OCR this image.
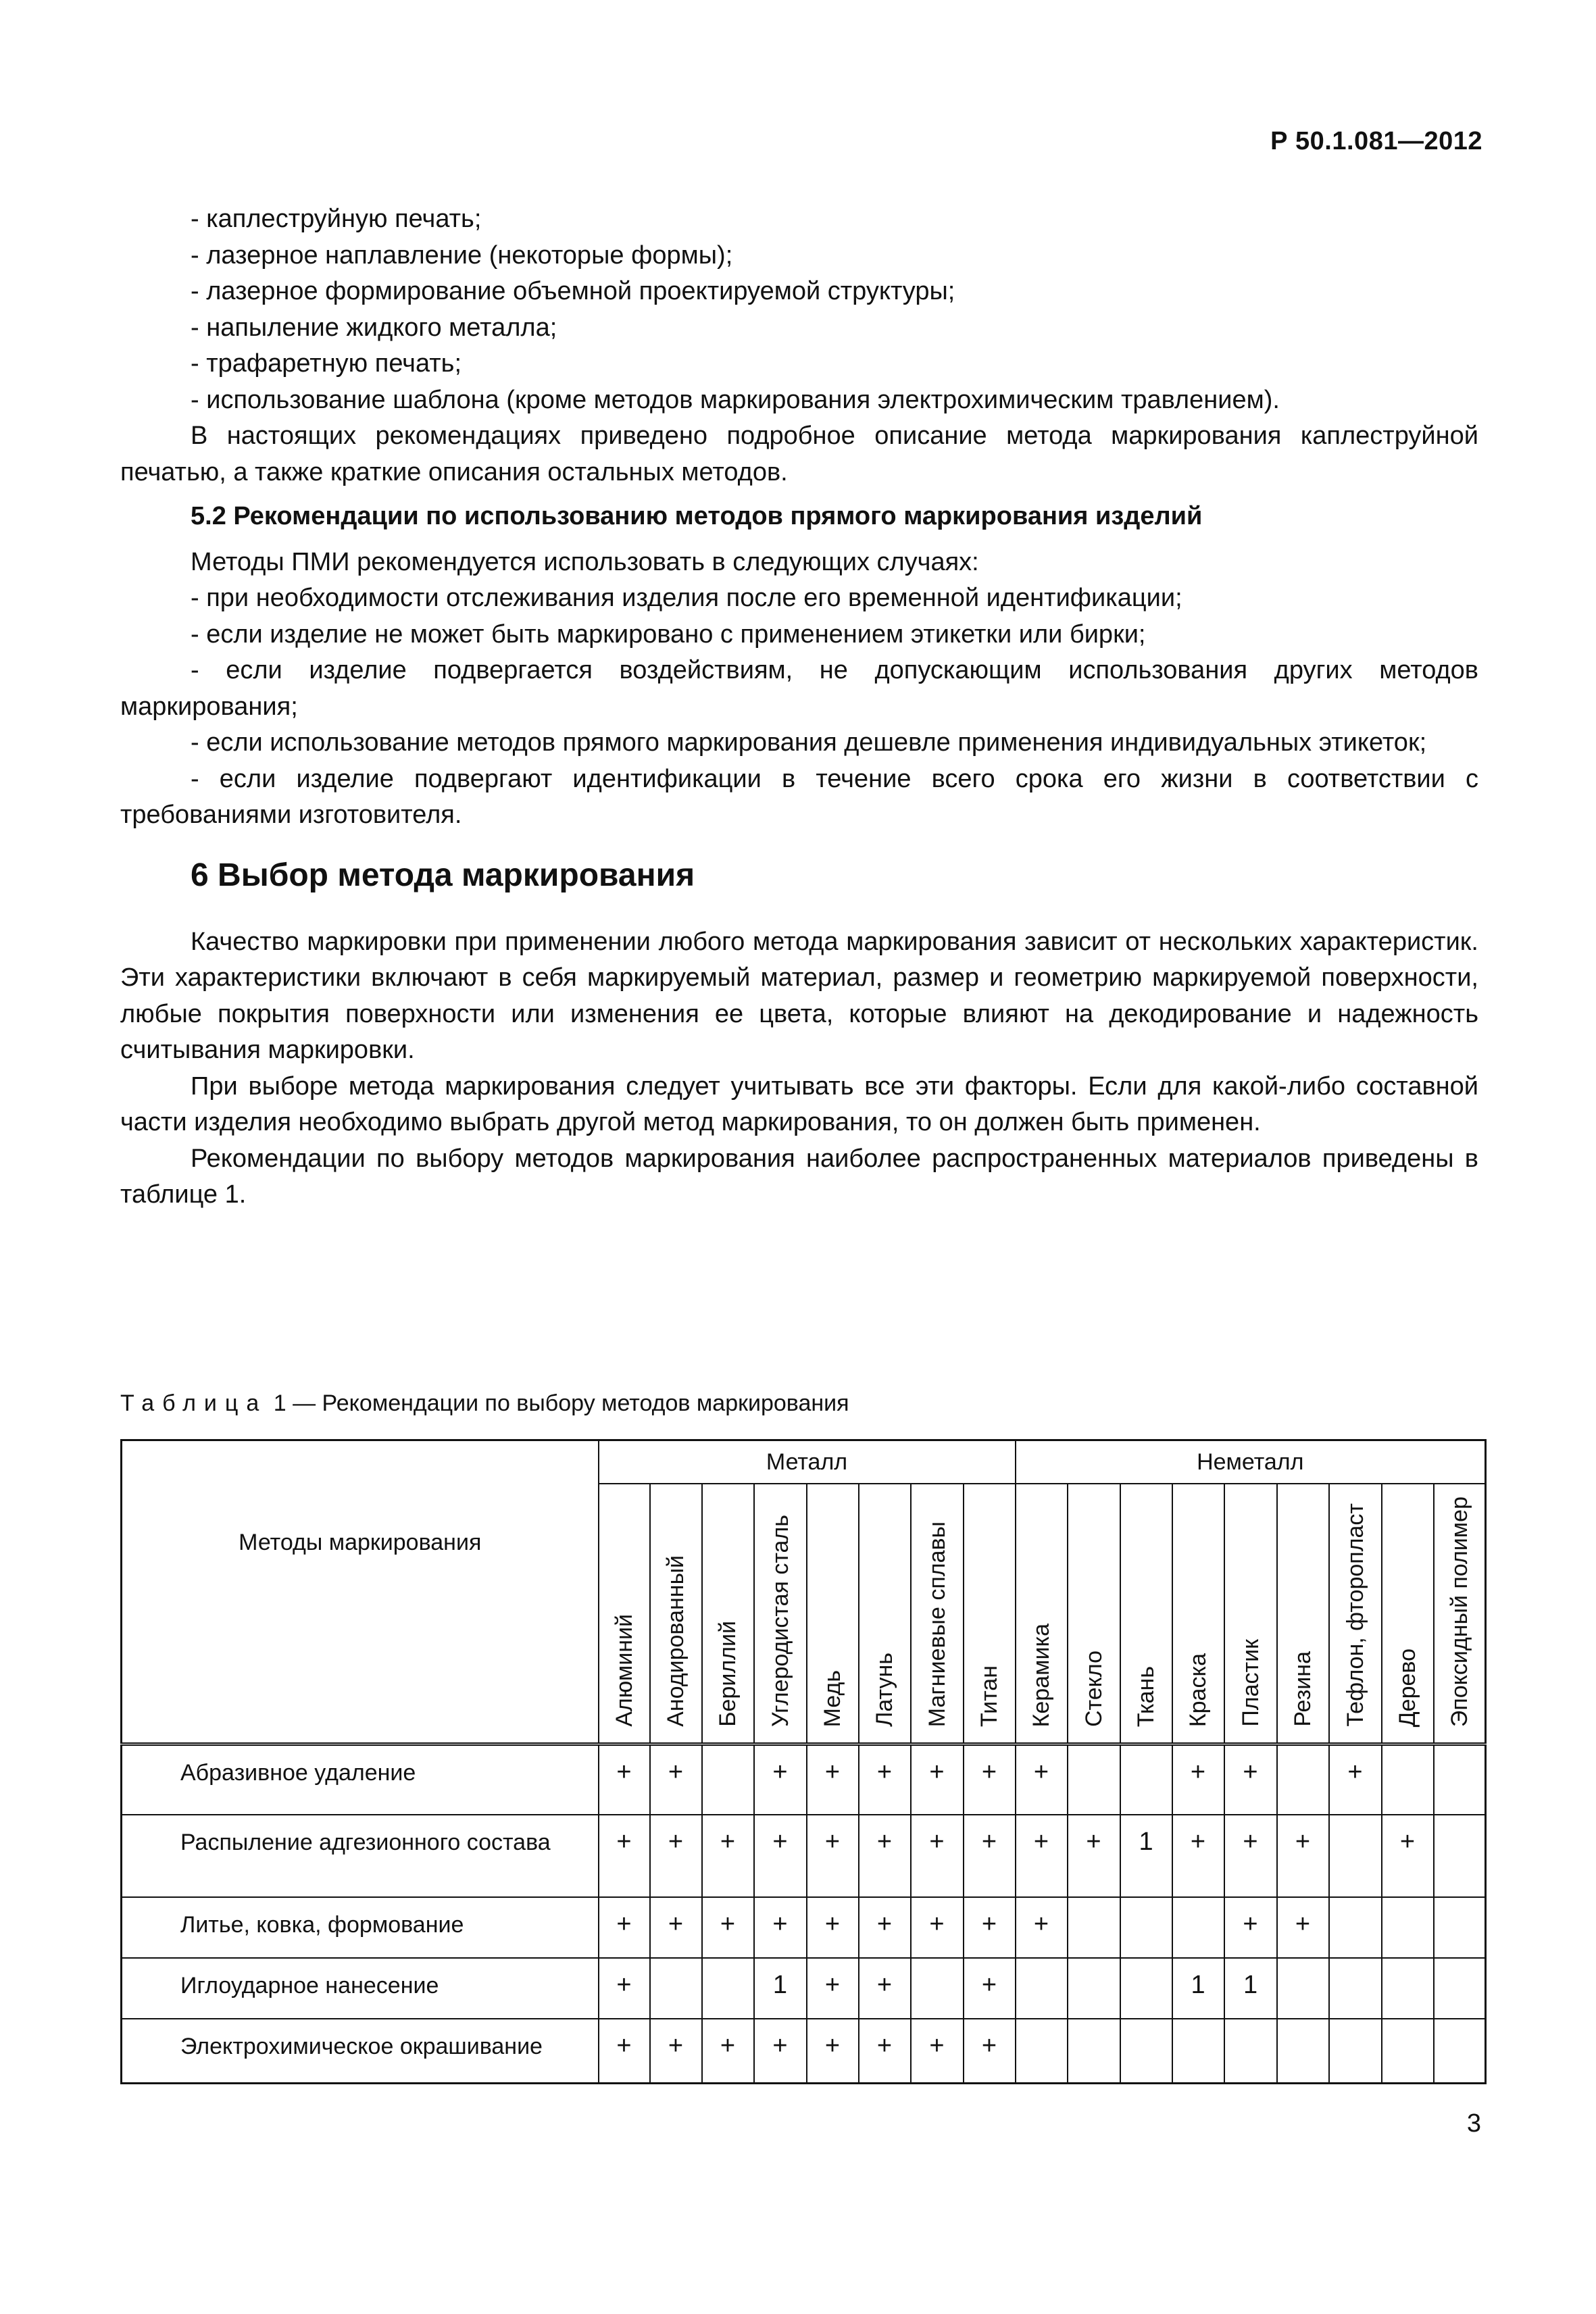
Р 50.1.081—2012

- каплеструйную печать;

- лазерное наплавление (некоторые формы);

- лазерное формирование объемной проектируемой структуры;

- напыление жидкого металла;

- трафаретную печать;

- использование шаблона (кроме методов маркирования электрохимическим травлением).

В настоящих рекомендациях приведено подробное описание метода маркирования каплеструйной печатью, а также краткие описания остальных методов.

5.2 Рекомендации по использованию методов прямого маркирования изделий

Методы ПМИ рекомендуется использовать в следующих случаях:

- при необходимости отслеживания изделия после его временной идентификации;

- если изделие не может быть маркировано с применением этикетки или бирки;

- если изделие подвергается воздействиям, не допускающим использования других методов маркирования;

- если использование методов прямого маркирования дешевле применения индивидуальных этикеток;

- если изделие подвергают идентификации в течение всего срока его жизни в соответствии с требованиями изготовителя.

6 Выбор метода маркирования

Качество маркировки при применении любого метода маркирования зависит от нескольких характеристик. Эти характеристики включают в себя маркируемый материал, размер и геометрию маркируемой поверхности, любые покрытия поверхности или изменения ее цвета, которые влияют на декодирование и надежность считывания маркировки.

При выборе метода маркирования следует учитывать все эти факторы. Если для какой-либо составной части изделия необходимо выбрать другой метод маркирования, то он должен быть применен.

Рекомендации по выбору методов маркирования наиболее распространенных материалов приведены в таблице 1.

Таблица 1 — Рекомендации по выбору методов маркирования
Методы маркирования	Металл								Неметалл								
	Алюминий	Анодированный	Бериллий	Углеродистая сталь	Медь	Латунь	Магниевые сплавы	Титан	Керамика	Стекло	Ткань	Краска	Пластик	Резина	Тефлон, фторопласт	Дерево	Эпоксидный полимер

Абразивное удаление	+	+		+	+	+	+	+	+			+	+		+		

Распыление адгезионного состава	+	+	+	+	+	+	+	+	+	+	1	+	+	+		+	

Литье, ковка, формование	+	+	+	+	+	+	+	+	+				+	+			

Иглоударное нанесение	+			1	+	+		+				1	1				

Электрохимическое окрашивание	+	+	+	+	+	+	+	+									
3
